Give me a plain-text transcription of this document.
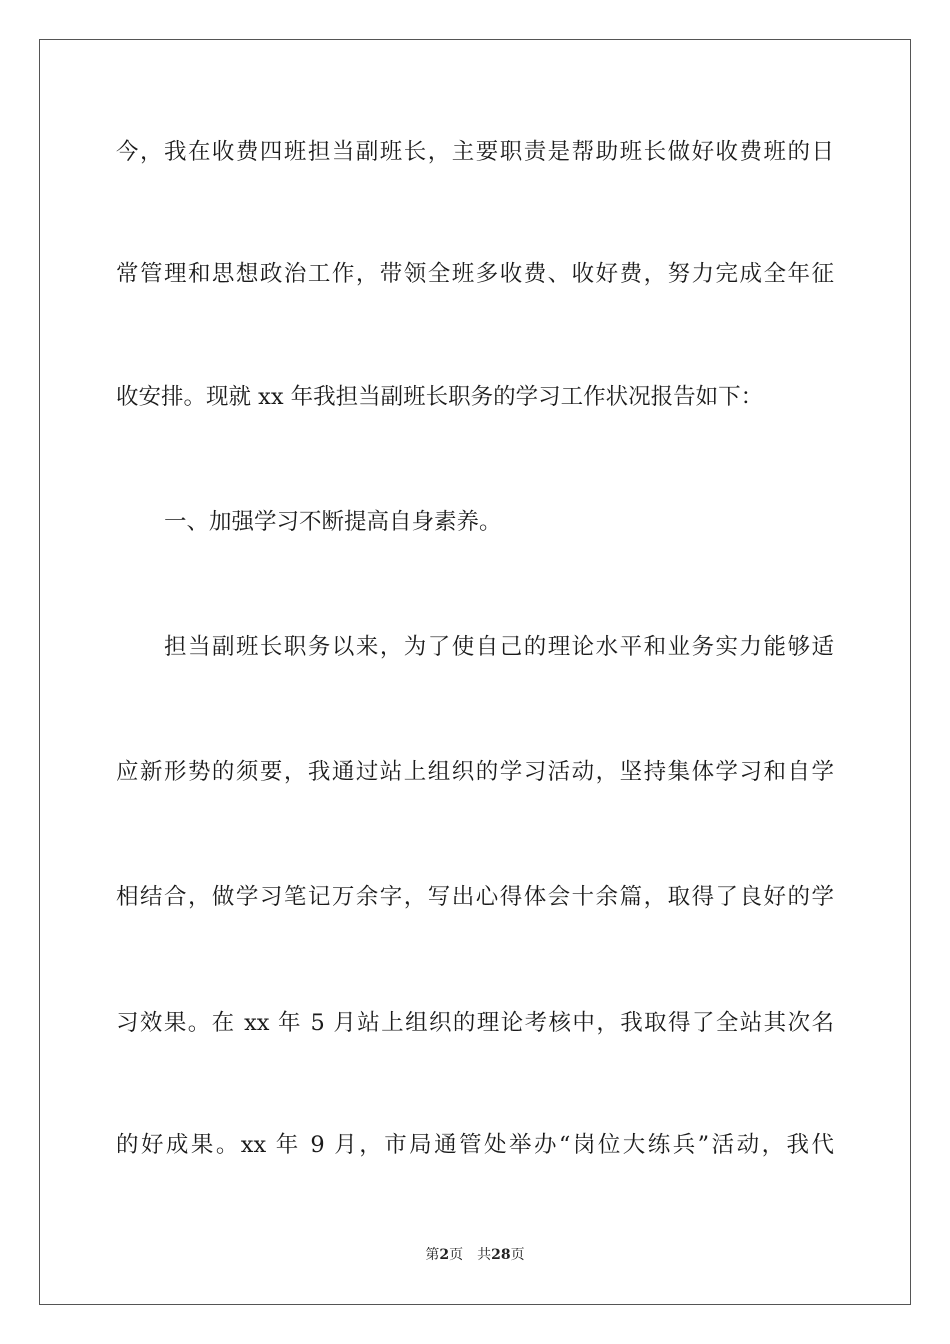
今，我在收费四班担当副班长，主要职责是帮助班长做好收费班的日
常管理和思想政治工作，带领全班多收费、收好费，努力完成全年征
收安排。现就 xx 年我担当副班长职务的学习工作状况报告如下：
一、加强学习不断提高自身素养。
担当副班长职务以来，为了使自己的理论水平和业务实力能够适
应新形势的须要，我通过站上组织的学习活动，坚持集体学习和自学
相结合，做学习笔记万余字，写出心得体会十余篇，取得了良好的学
习效果。在 xx 年 5 月站上组织的理论考核中，我取得了全站其次名
的好成果。xx 年 9 月，市局通管处举办“岗位大练兵”活动，我代
第2页 共28页
